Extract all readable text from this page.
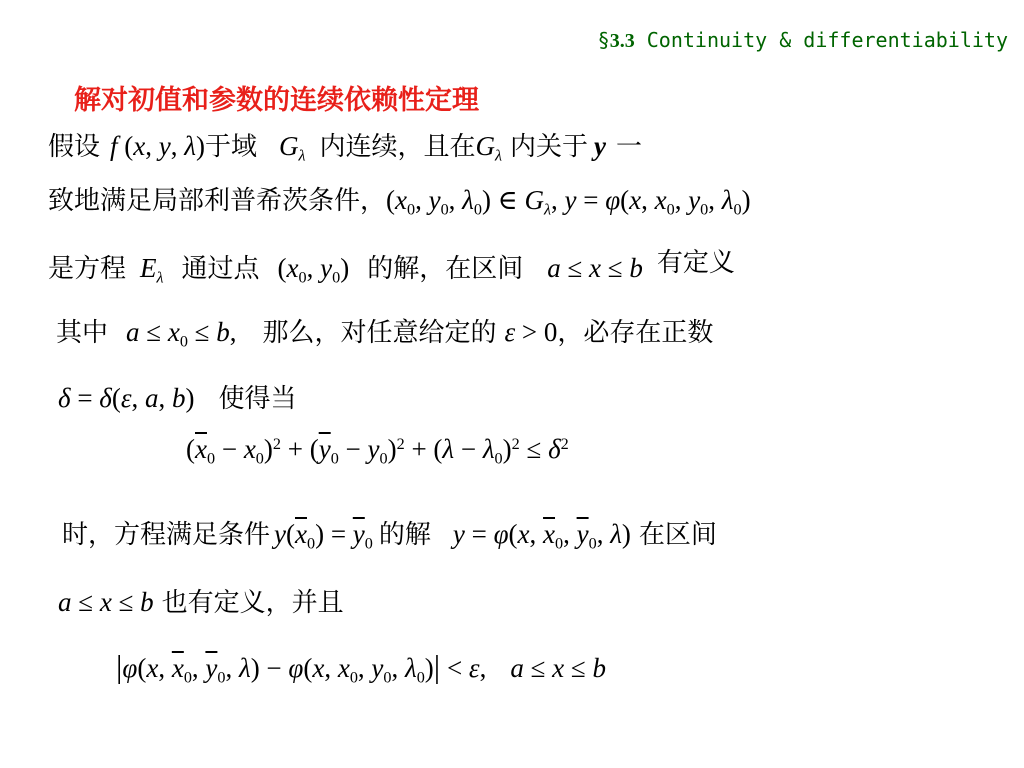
§3.3 Continuity & differentiability
解对初值和参数的连续依赖性定理
假设 f (x, y, λ) 于域 $G_\lambda$ 内连续，且在 $G_\lambda$ 内关于 y 一
致地满足局部利普希茨条件， ($x_0$, $y_0$, $\lambda_0$) ∈ $G_\lambda$, y = φ(x, $x_0$, $y_0$, $\lambda_0$)
是方程 $E_\lambda$ 通过点 ($x_0$, $y_0$) 的解，在区间 a ≤ x ≤ b 有定义
其中 $a \le x_0 \le b$, 那么，对任意给定的 ε > 0 ，必存在正数
δ = δ(ε, a, b) 使得当
$(\overline{x}_0 - x_0)^2 + (\overline{y}_0 - y_0)^2 + (\lambda - \lambda_0)^2 \le \delta^2$
时，方程满足条件 $y(\overline{x}_0) = \overline{y}_0$ 的解 y = φ(x, $\overline{x}_0$, $\overline{y}_0$, λ) 在区间
a ≤ x ≤ b 也有定义，并且
|φ(x, $\overline{x}_0$, $\overline{y}_0$, λ) − φ(x, $x_0$, $y_0$, $\lambda_0)| < \varepsilon$, a ≤ x ≤ b
